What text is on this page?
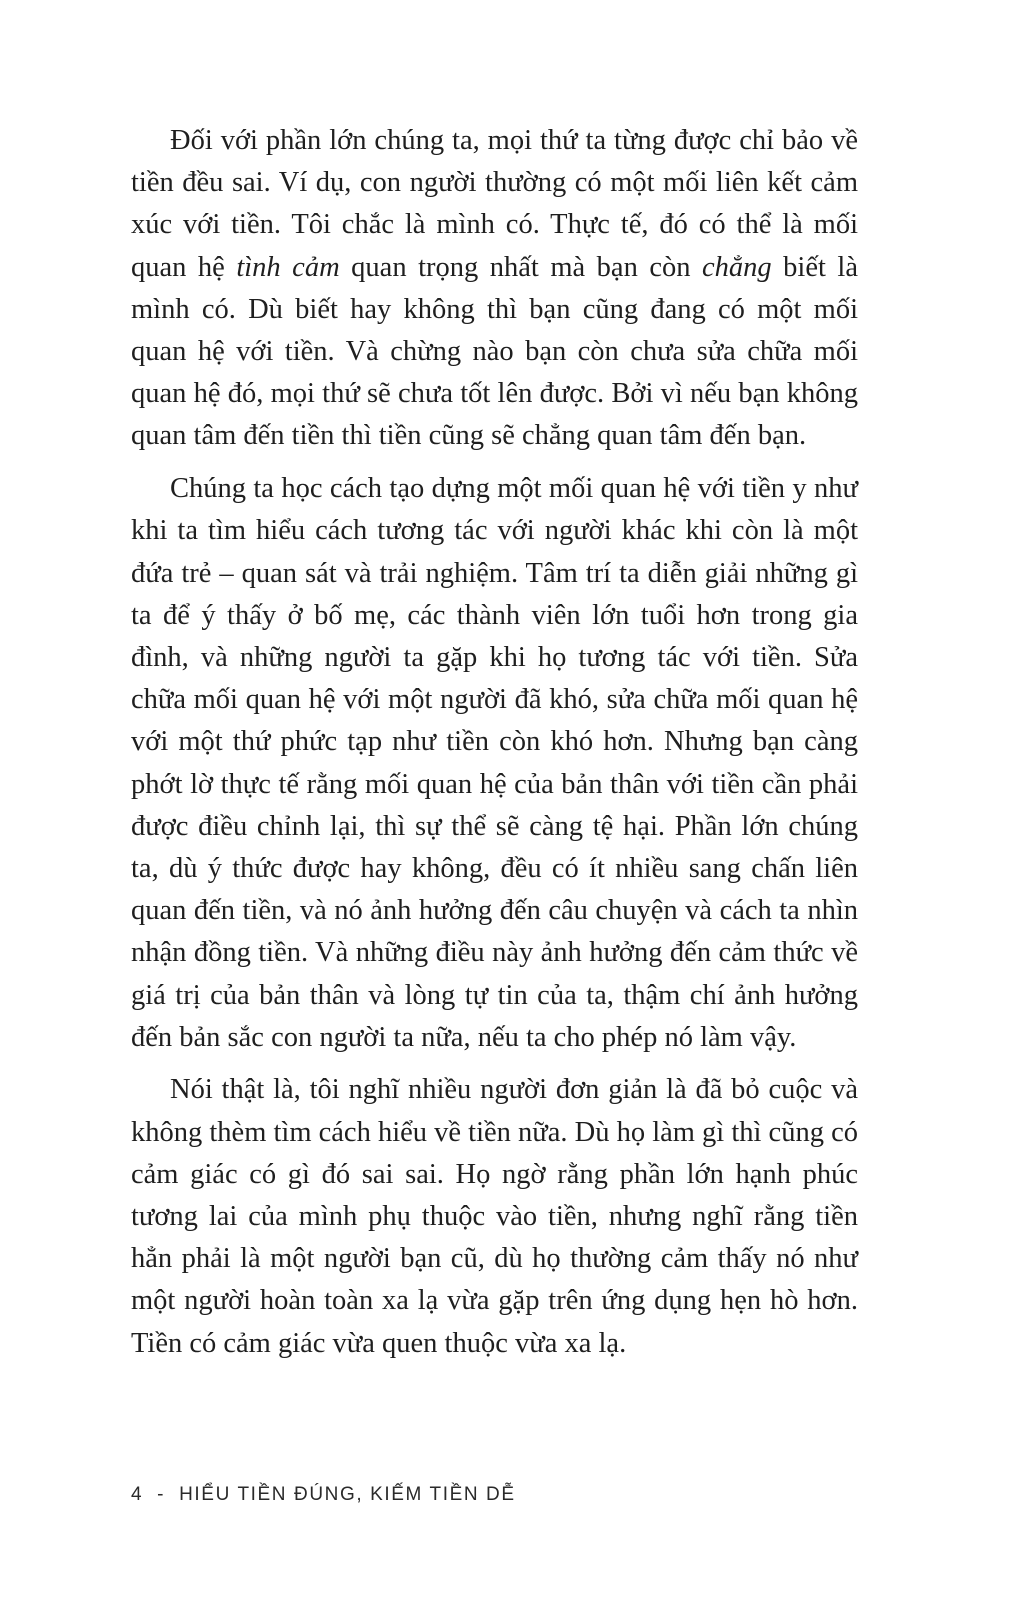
Đối với phần lớn chúng ta, mọi thứ ta từng được chỉ bảo về tiền đều sai. Ví dụ, con người thường có một mối liên kết cảm xúc với tiền. Tôi chắc là mình có. Thực tế, đó có thể là mối quan hệ tình cảm quan trọng nhất mà bạn còn chẳng biết là mình có. Dù biết hay không thì bạn cũng đang có một mối quan hệ với tiền. Và chừng nào bạn còn chưa sửa chữa mối quan hệ đó, mọi thứ sẽ chưa tốt lên được. Bởi vì nếu bạn không quan tâm đến tiền thì tiền cũng sẽ chẳng quan tâm đến bạn.

Chúng ta học cách tạo dựng một mối quan hệ với tiền y như khi ta tìm hiểu cách tương tác với người khác khi còn là một đứa trẻ – quan sát và trải nghiệm. Tâm trí ta diễn giải những gì ta để ý thấy ở bố mẹ, các thành viên lớn tuổi hơn trong gia đình, và những người ta gặp khi họ tương tác với tiền. Sửa chữa mối quan hệ với một người đã khó, sửa chữa mối quan hệ với một thứ phức tạp như tiền còn khó hơn. Nhưng bạn càng phớt lờ thực tế rằng mối quan hệ của bản thân với tiền cần phải được điều chỉnh lại, thì sự thể sẽ càng tệ hại. Phần lớn chúng ta, dù ý thức được hay không, đều có ít nhiều sang chấn liên quan đến tiền, và nó ảnh hưởng đến câu chuyện và cách ta nhìn nhận đồng tiền. Và những điều này ảnh hưởng đến cảm thức về giá trị của bản thân và lòng tự tin của ta, thậm chí ảnh hưởng đến bản sắc con người ta nữa, nếu ta cho phép nó làm vậy.

Nói thật là, tôi nghĩ nhiều người đơn giản là đã bỏ cuộc và không thèm tìm cách hiểu về tiền nữa. Dù họ làm gì thì cũng có cảm giác có gì đó sai sai. Họ ngờ rằng phần lớn hạnh phúc tương lai của mình phụ thuộc vào tiền, nhưng nghĩ rằng tiền hẳn phải là một người bạn cũ, dù họ thường cảm thấy nó như một người hoàn toàn xa lạ vừa gặp trên ứng dụng hẹn hò hơn. Tiền có cảm giác vừa quen thuộc vừa xa lạ.

4 - HIỂU TIỀN ĐÚNG, KIẾM TIỀN DỄ
